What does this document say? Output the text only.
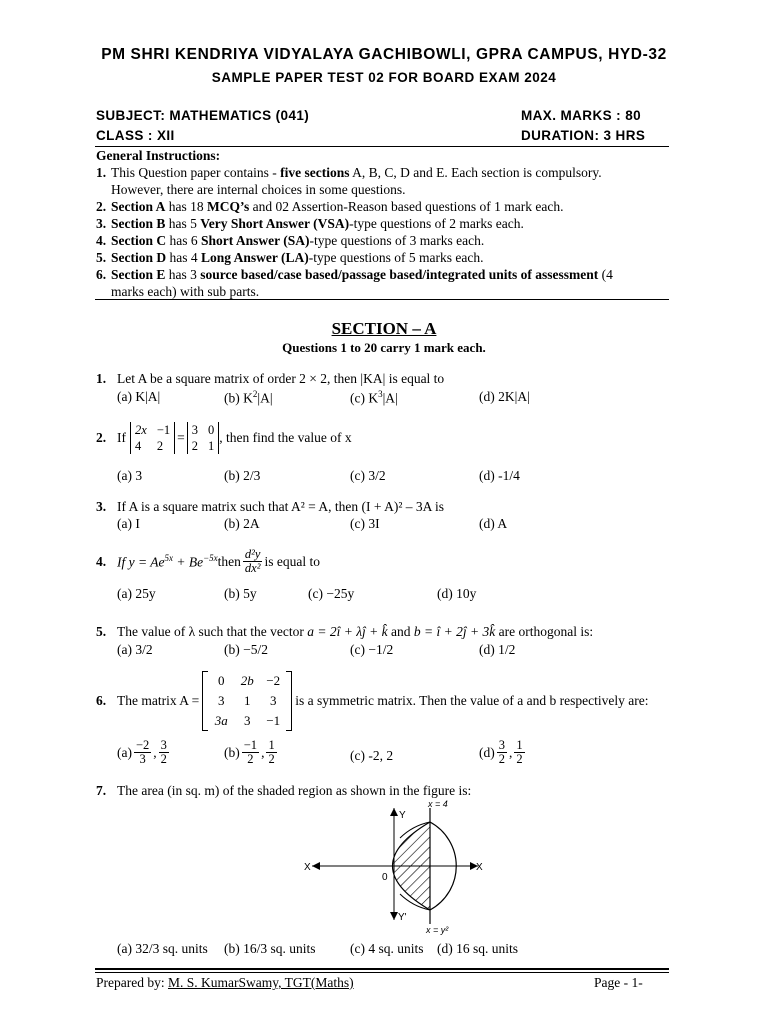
PM SHRI KENDRIYA VIDYALAYA GACHIBOWLI, GPRA CAMPUS, HYD-32
SAMPLE PAPER TEST 02 FOR BOARD EXAM 2024
SUBJECT: MATHEMATICS (041)	MAX. MARKS : 80
CLASS : XII	DURATION: 3 HRS
General Instructions:
1. This Question paper contains - five sections A, B, C, D and E. Each section is compulsory.
However, there are internal choices in some questions.
2. Section A has 18 MCQ’s and 02 Assertion-Reason based questions of 1 mark each.
3. Section B has 5 Very Short Answer (VSA)-type questions of 2 marks each.
4. Section C has 6 Short Answer (SA)-type questions of 3 marks each.
5. Section D has 4 Long Answer (LA)-type questions of 5 marks each.
6. Section E has 3 source based/case based/passage based/integrated units of assessment (4
marks each) with sub parts.
SECTION – A
Questions 1 to 20 carry 1 mark each.
1. Let A be a square matrix of order 2 × 2, then |KA| is equal to
(a) K|A|	(b) $K^2|A|$	(c) $K^3|A|$	(d) 2K|A|
2. If 2x −1
4	2
= 3 0
2 1
, then find the value of x
(a) 3	(b) 2/3	(c) 3/2	(d) -1/4
3. If A is a square matrix such that A² = A, then (I + A)² – 3A is
(a) I	(b) 2A	(c) 3I	(d) A
4. If $y = Ae^{5x} + Be^{-5x}$ then $\frac{\text{d²y}}{\text{dx²}}$ is equal to
(a) 25y	(b) 5y	(c) −25y	(d) 10y
5. The value of λ such that the vector a = 2î + λĵ + k̂ and b = î + 2ĵ + 3k̂ are orthogonal is:
(a) 3/2	(b) −5/2	(c) −1/2	(d) 1/2
6. The matrix A =
0	2b −2
3	1	3
3a	3	−1
is a symmetric matrix. Then the value of a and b respectively are:
$(a) \frac{-2}{3}$ , $\frac{3}{2}$	$(b) \frac{-1}{2}$ , $\frac{1}{2}$	(c) -2, 2	$(d) \frac{3}{2}$ , $\frac{1}{2}$
7. The area (in sq. m) of the shaded region as shown in the figure is:
Y
Y'
X	X
0
x = 4
x = y²
(a) 32/3 sq. units (b) 16/3 sq. units	(c) 4 sq. units (d) 16 sq. units
Prepared by: M. S. KumarSwamy, TGT(Maths)	Page - 1-
